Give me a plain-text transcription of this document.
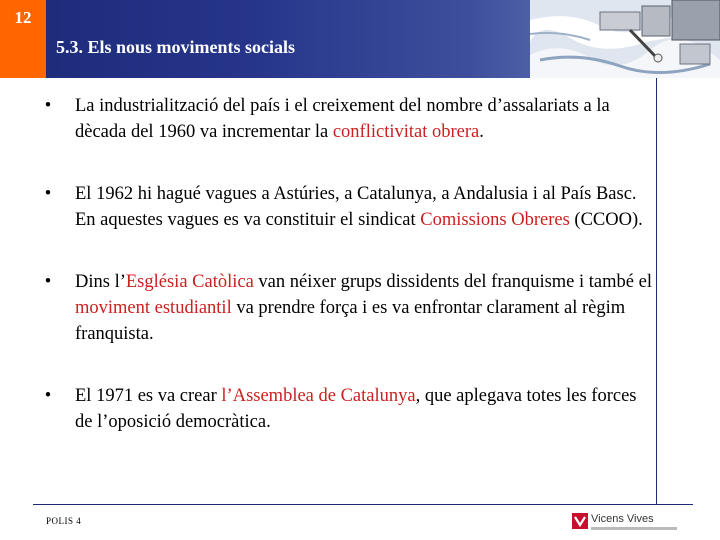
12
5.3. Els nous moviments socials
•	La industrialització del país i el creixement del nombre d’assalariats a la dècada del 1960 va incrementar la conflictivitat obrera.
•	El 1962 hi hagué vagues a Astúries, a Catalunya, a Andalusia i al País Basc. En aquestes vagues es va constituir el sindicat Comissions Obreres (CCOO).
•	Dins l’Església Catòlica van néixer grups dissidents del franquisme i també el moviment estudiantil va prendre força i es va enfrontar clarament al règim franquista.
•	El 1971 es va crear l’Assemblea de Catalunya, que aplegava totes les forces de l’oposició democràtica.
POLIS 4	Vicens Vives
